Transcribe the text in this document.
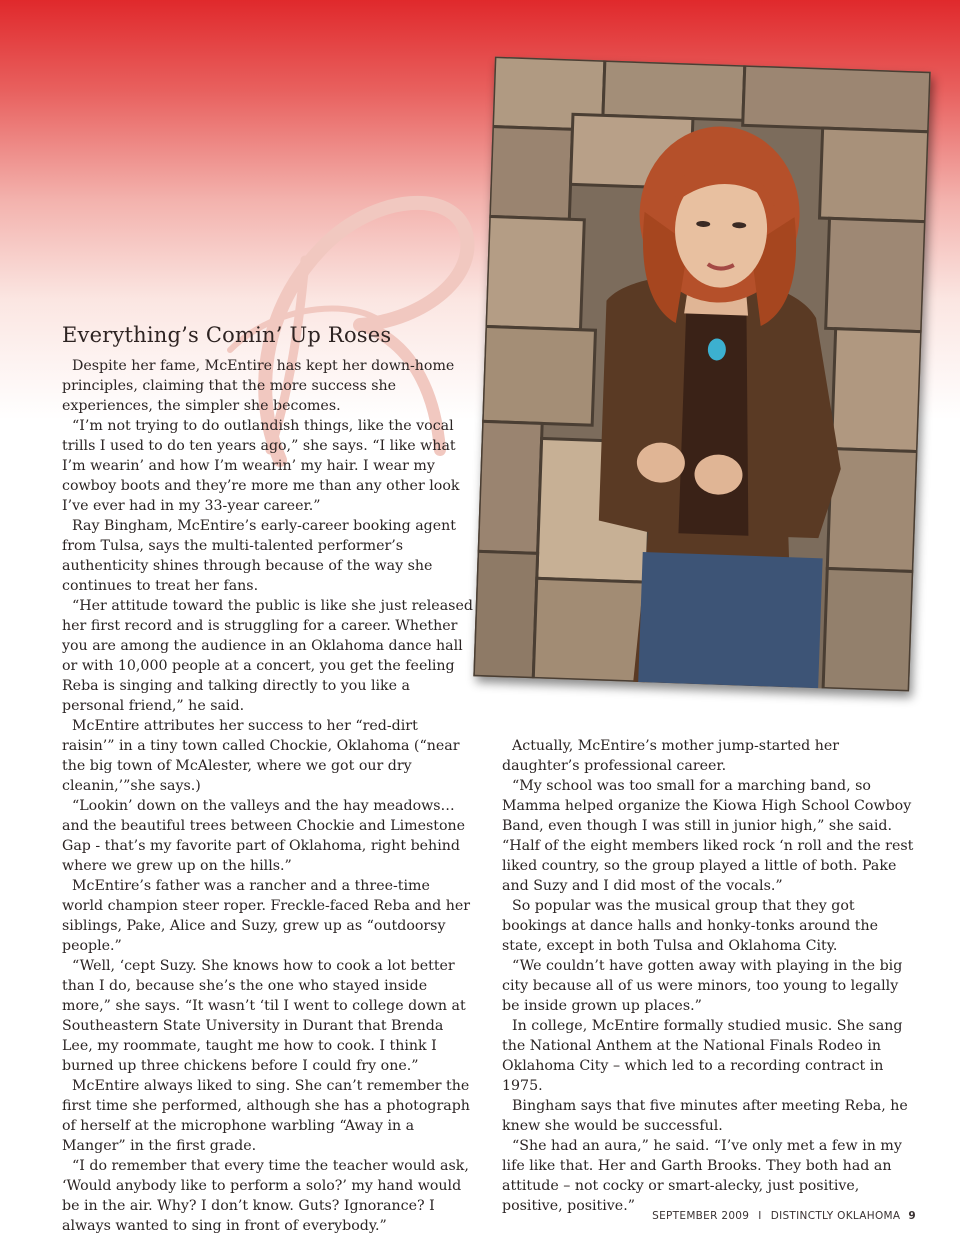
Everything’s Comin’ Up Roses

Despite her fame, McEntire has kept her down-home principles, claiming that the more success she experiences, the simpler she becomes.

“I’m not trying to do outlandish things, like the vocal trills I used to do ten years ago,” she says. “I like what I’m wearin’ and how I’m wearin’ my hair. I wear my cowboy boots and they’re more me than any other look I’ve ever had in my 33-year career.”

Ray Bingham, McEntire’s early-career booking agent from Tulsa, says the multi-talented performer’s authenticity shines through because of the way she continues to treat her fans.

“Her attitude toward the public is like she just released her first record and is struggling for a career. Whether you are among the audience in an Oklahoma dance hall or with 10,000 people at a concert, you get the feeling Reba is singing and talking directly to you like a personal friend,” he said.

McEntire attributes her success to her “red-dirt raisin’” in a tiny town called Chockie, Oklahoma (“near the big town of McAlester, where we got our dry cleanin,’”she says.)

“Lookin’ down on the valleys and the hay meadows… and the beautiful trees between Chockie and Limestone Gap - that’s my favorite part of Oklahoma, right behind where we grew up on the hills.”

McEntire’s father was a rancher and a three-time world champion steer roper. Freckle-faced Reba and her siblings, Pake, Alice and Suzy, grew up as “outdoorsy people.”

“Well, ‘cept Suzy. She knows how to cook a lot better than I do, because she’s the one who stayed inside more,” she says. “It wasn’t ‘til I went to college down at Southeastern State University in Durant that Brenda Lee, my roommate, taught me how to cook. I think I burned up three chickens before I could fry one.”

McEntire always liked to sing. She can’t remember the first time she performed, although she has a photograph of herself at the microphone warbling “Away in a Manger” in the first grade.

“I do remember that every time the teacher would ask, ‘Would anybody like to perform a solo?’ my hand would be in the air. Why? I don’t know. Guts? Ignorance? I always wanted to sing in front of everybody.”

Actually, McEntire’s mother jump-started her daughter’s professional career.

“My school was too small for a marching band, so Mamma helped organize the Kiowa High School Cowboy Band, even though I was still in junior high,” she said. “Half of the eight members liked rock ‘n roll and the rest liked country, so the group played a little of both. Pake and Suzy and I did most of the vocals.”

So popular was the musical group that they got bookings at dance halls and honky-tonks around the state, except in both Tulsa and Oklahoma City.

“We couldn’t have gotten away with playing in the big city because all of us were minors, too young to legally be inside grown up places.”

In college, McEntire formally studied music. She sang the National Anthem at the National Finals Rodeo in Oklahoma City – which led to a recording contract in 1975.

Bingham says that five minutes after meeting Reba, he knew she would be successful.

“She had an aura,” he said. “I’ve only met a few in my life like that. Her and Garth Brooks. They both had an attitude – not cocky or smart-alecky, just positive, positive, positive.”

SEPTEMBER 2009 I DISTINCTLY OKLAHOMA 9
